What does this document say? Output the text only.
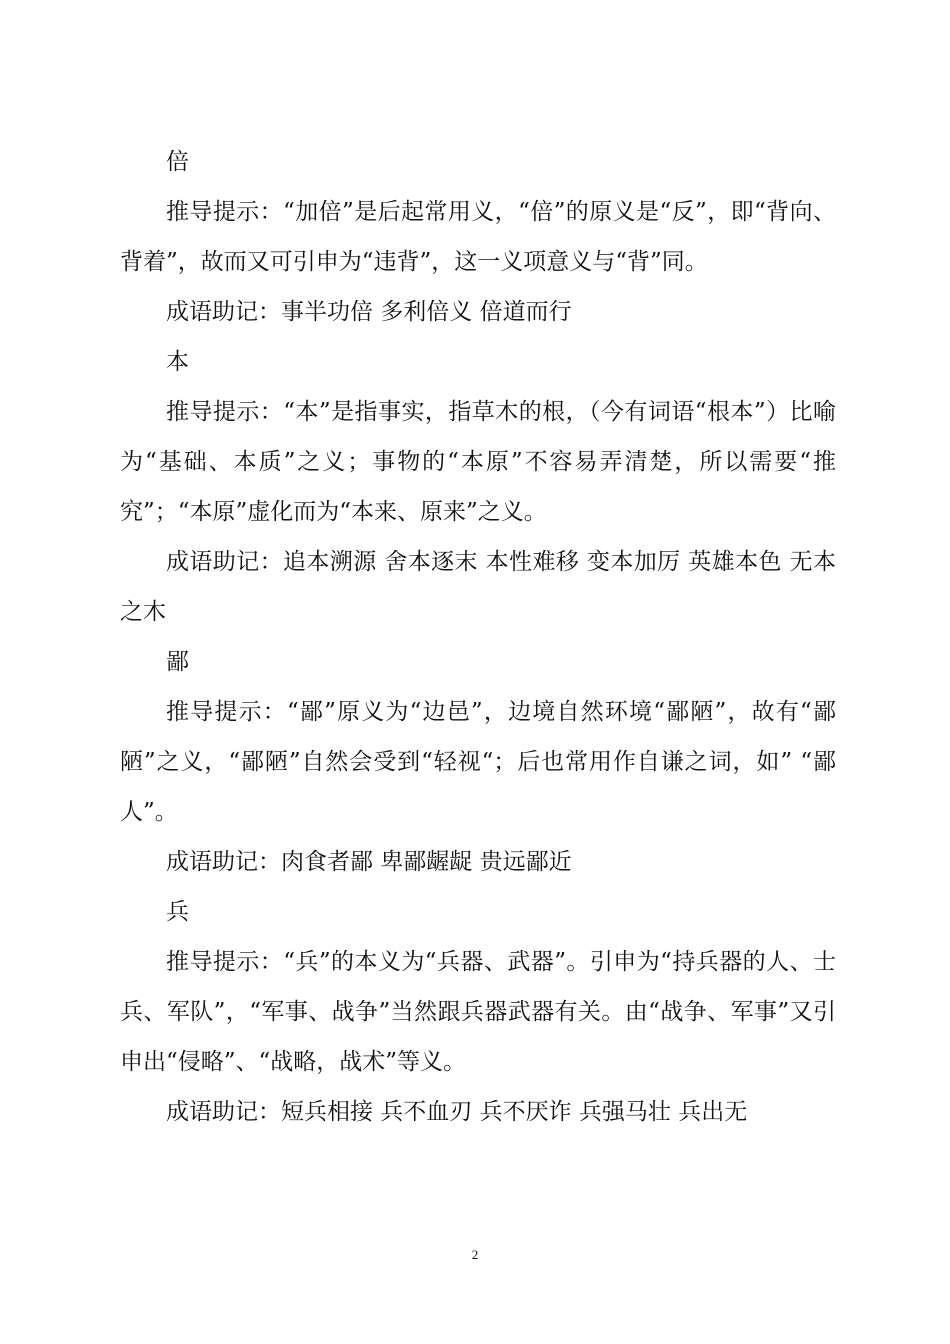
倍

推导提示：“加倍”是后起常用义，“倍”的原义是“反”，即“背向、背着”，故而又可引申为“违背”，这一义项意义与“背”同。

成语助记：事半功倍 多利倍义 倍道而行

本

推导提示：“本”是指事实，指草木的根，（今有词语“根本”）比喻为“基础、本质”之义；事物的“本原”不容易弄清楚，所以需要“推究”；“本原”虚化而为“本来、原来”之义。

成语助记：追本溯源 舍本逐末 本性难移 变本加厉 英雄本色 无本之木

鄙

推导提示：“鄙”原义为“边邑”，边境自然环境“鄙陋”，故有“鄙陋”之义，“鄙陋”自然会受到“轻视“；后也常用作自谦之词，如” “鄙人”。

成语助记：肉食者鄙 卑鄙龌龊 贵远鄙近

兵

推导提示：“兵”的本义为“兵器、武器”。引申为“持兵器的人、士兵、军队”，“军事、战争”当然跟兵器武器有关。由“战争、军事”又引申出“侵略”、“战略，战术”等义。

成语助记：短兵相接 兵不血刃 兵不厌诈 兵强马壮 兵出无

2
